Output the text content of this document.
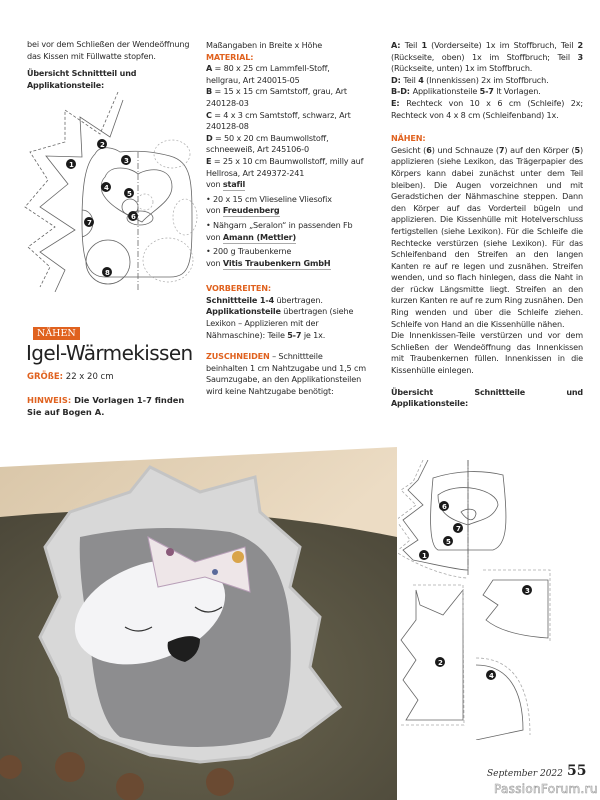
bei vor dem Schließen der Wendeöffnung das Kissen mit Füllwatte stopfen.

Übersicht Schnittteil und Applikationsteile:

1
2
3
4
5
6
7
8
NÄHEN
Igel-Wärmekissen
GRÖßE: 22 x 20 cm
HINWEIS: Die Vorlagen 1-7 finden Sie auf Bogen A.

Maßangaben in Breite x Höhe

MATERIAL:

A = 80 x 25 cm Lammfell-Stoff, hellgrau, Art 240015-05

B = 15 x 15 cm Samtstoff, grau, Art 240128-03

C = 4 x 3 cm Samtstoff, schwarz, Art 240128-08

D = 50 x 20 cm Baumwollstoff, schneeweiß, Art 245106-0

E = 25 x 10 cm Baumwollstoff, milly auf Hellrosa, Art 249372-241

von stafil

• 20 x 15 cm Vlieseline Vliesofix

von Freudenberg

• Nähgarn „Seralon“ in passenden Fb

von Amann (Mettler)

• 200 g Traubenkerne

von Vitis Traubenkern GmbH

VORBEREITEN:

Schnittteile 1-4 übertragen.

Applikationsteile übertragen (siehe Lexikon – Applizieren mit der Nähmaschine): Teile 5-7 je 1x.

ZUSCHNEIDEN – Schnittteile beinhalten 1 cm Nahtzugabe und 1,5 cm Saumzugabe, an den Applikationsteilen wird keine Nahtzugabe benötigt:

A: Teil 1 (Vorderseite) 1x im Stoffbruch, Teil 2 (Rückseite, oben) 1x im Stoffbruch; Teil 3 (Rückseite, unten) 1x im Stoffbruch.

D: Teil 4 (Innenkissen) 2x im Stoffbruch.

B-D: Applikationsteile 5-7 lt Vorlagen.

E: Rechteck von 10 x 6 cm (Schleife) 2x; Rechteck von 4 x 8 cm (Schleifenband) 1x.

NÄHEN:

Gesicht (6) und Schnauze (7) auf den Körper (5) applizieren (siehe Lexikon, das Trägerpapier des Körpers kann dabei zunächst unter dem Teil bleiben). Die Augen vorzeichnen und mit Geradstichen der Nähmaschine steppen. Dann den Körper auf das Vorderteil bügeln und applizieren. Die Kissenhülle mit Hotelverschluss fertigstellen (siehe Lexikon). Für die Schleife die Rechtecke verstürzen (siehe Lexikon). Für das Schleifenband den Streifen an den langen Kanten re auf re legen und zusnähen. Streifen wenden, und so flach hinlegen, dass die Naht in der rückw Längsmitte liegt. Streifen an den kurzen Kanten re auf re zum Ring zusnähen. Den Ring wenden und über die Schleife ziehen. Schleife von Hand an die Kissenhülle nähen.

Die Innenkissen-Teile verstürzen und vor dem Schließen der Wendeöffnung das Innenkissen mit Traubenkernen füllen. Innenkissen in die Kissenhülle einlegen.

Übersicht Schnittteile und Applikationsteile:

1
2
3
4
5
6
7
September 2022 55
PassionForum.ru
